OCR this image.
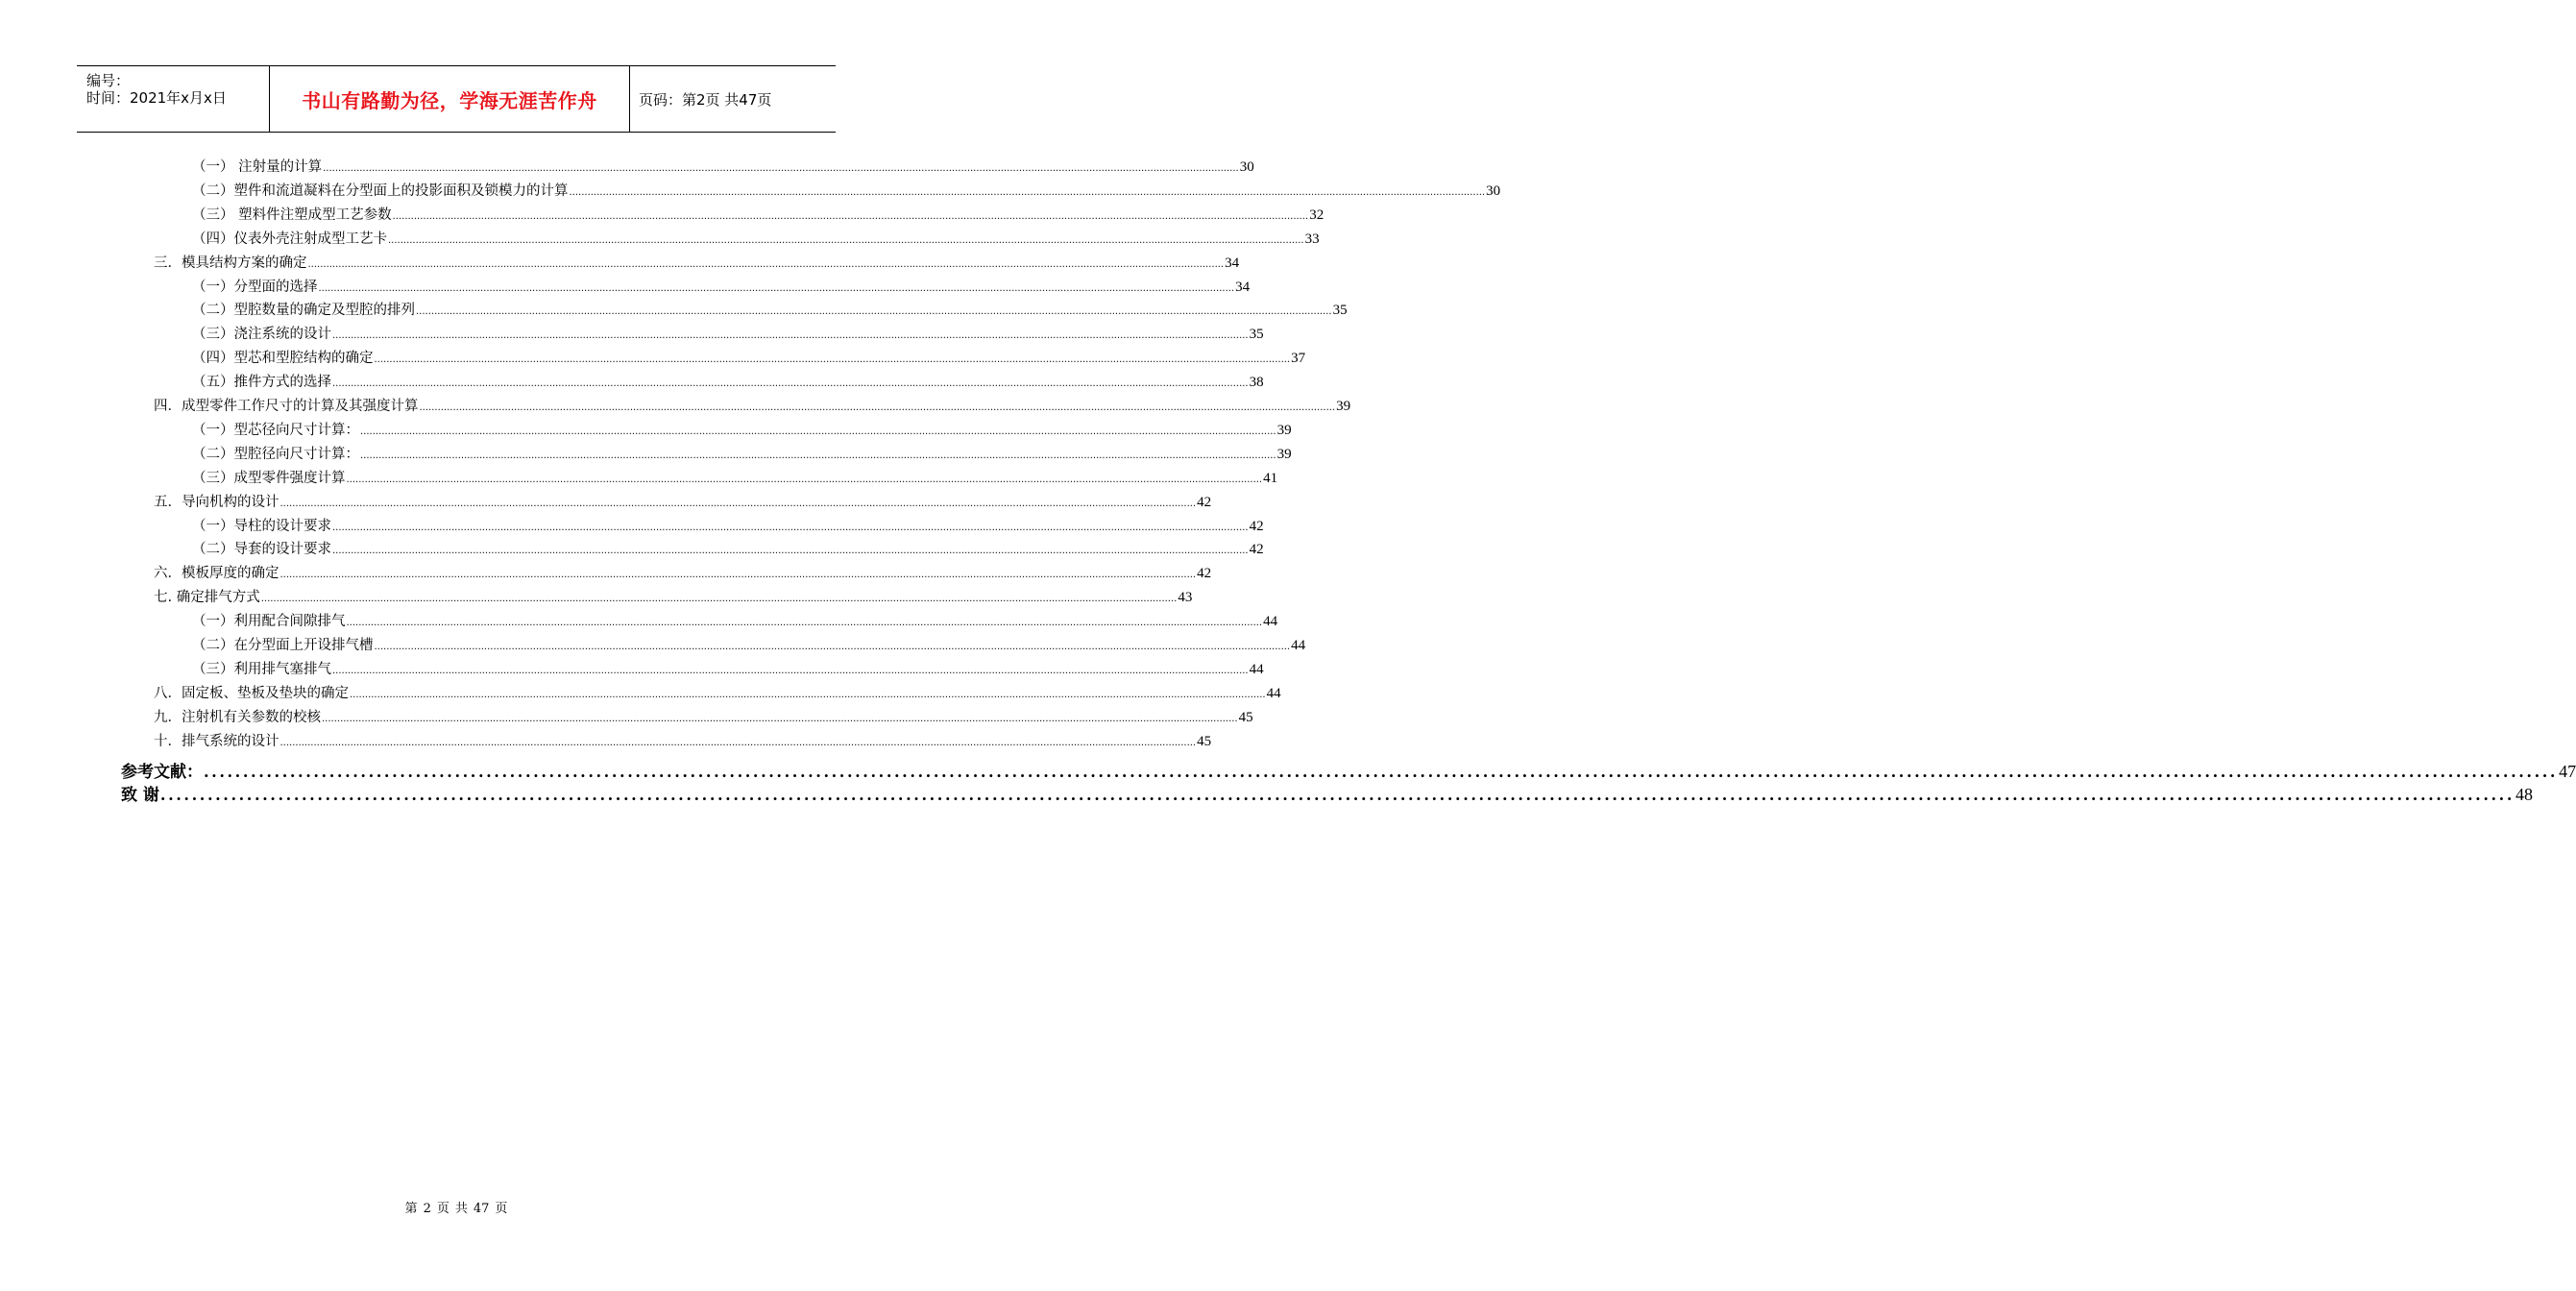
编号：
时间：2021年x月x日	书山有路勤为径，学海无涯苦作舟	页码：第2页 共47页
（一） 注射量的计算 ............................................................................................................................................................................................................................................................................................................ 30
（二）塑件和流道凝料在分型面上的投影面积及锁模力的计算 ............................................................................................................................................................................................................................................................................................................ 30
（三） 塑料件注塑成型工艺参数 ............................................................................................................................................................................................................................................................................................................ 32
（四）仪表外壳注射成型工艺卡 ............................................................................................................................................................................................................................................................................................................ 33
三．模具结构方案的确定 ............................................................................................................................................................................................................................................................................................................ 34
（一）分型面的选择 ............................................................................................................................................................................................................................................................................................................ 34
（二）型腔数量的确定及型腔的排列 ............................................................................................................................................................................................................................................................................................................ 35
（三）浇注系统的设计 ............................................................................................................................................................................................................................................................................................................ 35
（四）型芯和型腔结构的确定 ............................................................................................................................................................................................................................................................................................................ 37
（五）推件方式的选择 ............................................................................................................................................................................................................................................................................................................ 38
四．成型零件工作尺寸的计算及其强度计算 ............................................................................................................................................................................................................................................................................................................ 39
（一）型芯径向尺寸计算： ............................................................................................................................................................................................................................................................................................................ 39
（二）型腔径向尺寸计算： ............................................................................................................................................................................................................................................................................................................ 39
（三）成型零件强度计算 ............................................................................................................................................................................................................................................................................................................ 41
五．导向机构的设计 ............................................................................................................................................................................................................................................................................................................ 42
（一）导柱的设计要求 ............................................................................................................................................................................................................................................................................................................ 42
（二）导套的设计要求 ............................................................................................................................................................................................................................................................................................................ 42
六．模板厚度的确定 ............................................................................................................................................................................................................................................................................................................ 42
七. 确定排气方式 ............................................................................................................................................................................................................................................................................................................ 43
（一）利用配合间隙排气 ............................................................................................................................................................................................................................................................................................................ 44
（二）在分型面上开设排气槽 ............................................................................................................................................................................................................................................................................................................ 44
（三）利用排气塞排气 ............................................................................................................................................................................................................................................................................................................ 44
八．固定板、垫板及垫块的确定 ............................................................................................................................................................................................................................................................................................................ 44
九．注射机有关参数的校核 ............................................................................................................................................................................................................................................................................................................ 45
十．排气系统的设计 ............................................................................................................................................................................................................................................................................................................ 45
参考文献： ............................................................................................................................................................................................................................................................................................................ 47
致 谢 ............................................................................................................................................................................................................................................................................................................ 48
第 2 页 共 47 页
